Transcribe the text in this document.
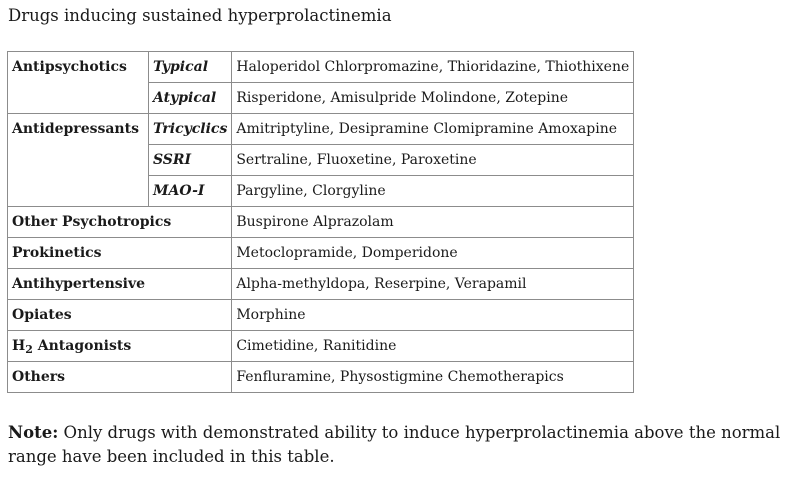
Drugs inducing sustained hyperprolactinemia
Antipsychotics	Typical	Haloperidol Chlorpromazine, Thioridazine, Thiothixene
	Atypical	Risperidone, Amisulpride Molindone, Zotepine
Antidepressants	Tricyclics	Amitriptyline, Desipramine Clomipramine Amoxapine
	SSRI	Sertraline, Fluoxetine, Paroxetine
	MAO-I	Pargyline, Clorgyline
Other Psychotropics		Buspirone Alprazolam
Prokinetics		Metoclopramide, Domperidone
Antihypertensive		Alpha-methyldopa, Reserpine, Verapamil
Opiates		Morphine
$H_2$ Antagonists		Cimetidine, Ranitidine
Others		Fenfluramine, Physostigmine Chemotherapics
Note: Only drugs with demonstrated ability to induce hyperprolactinemia above the normal range have been included in this table.
